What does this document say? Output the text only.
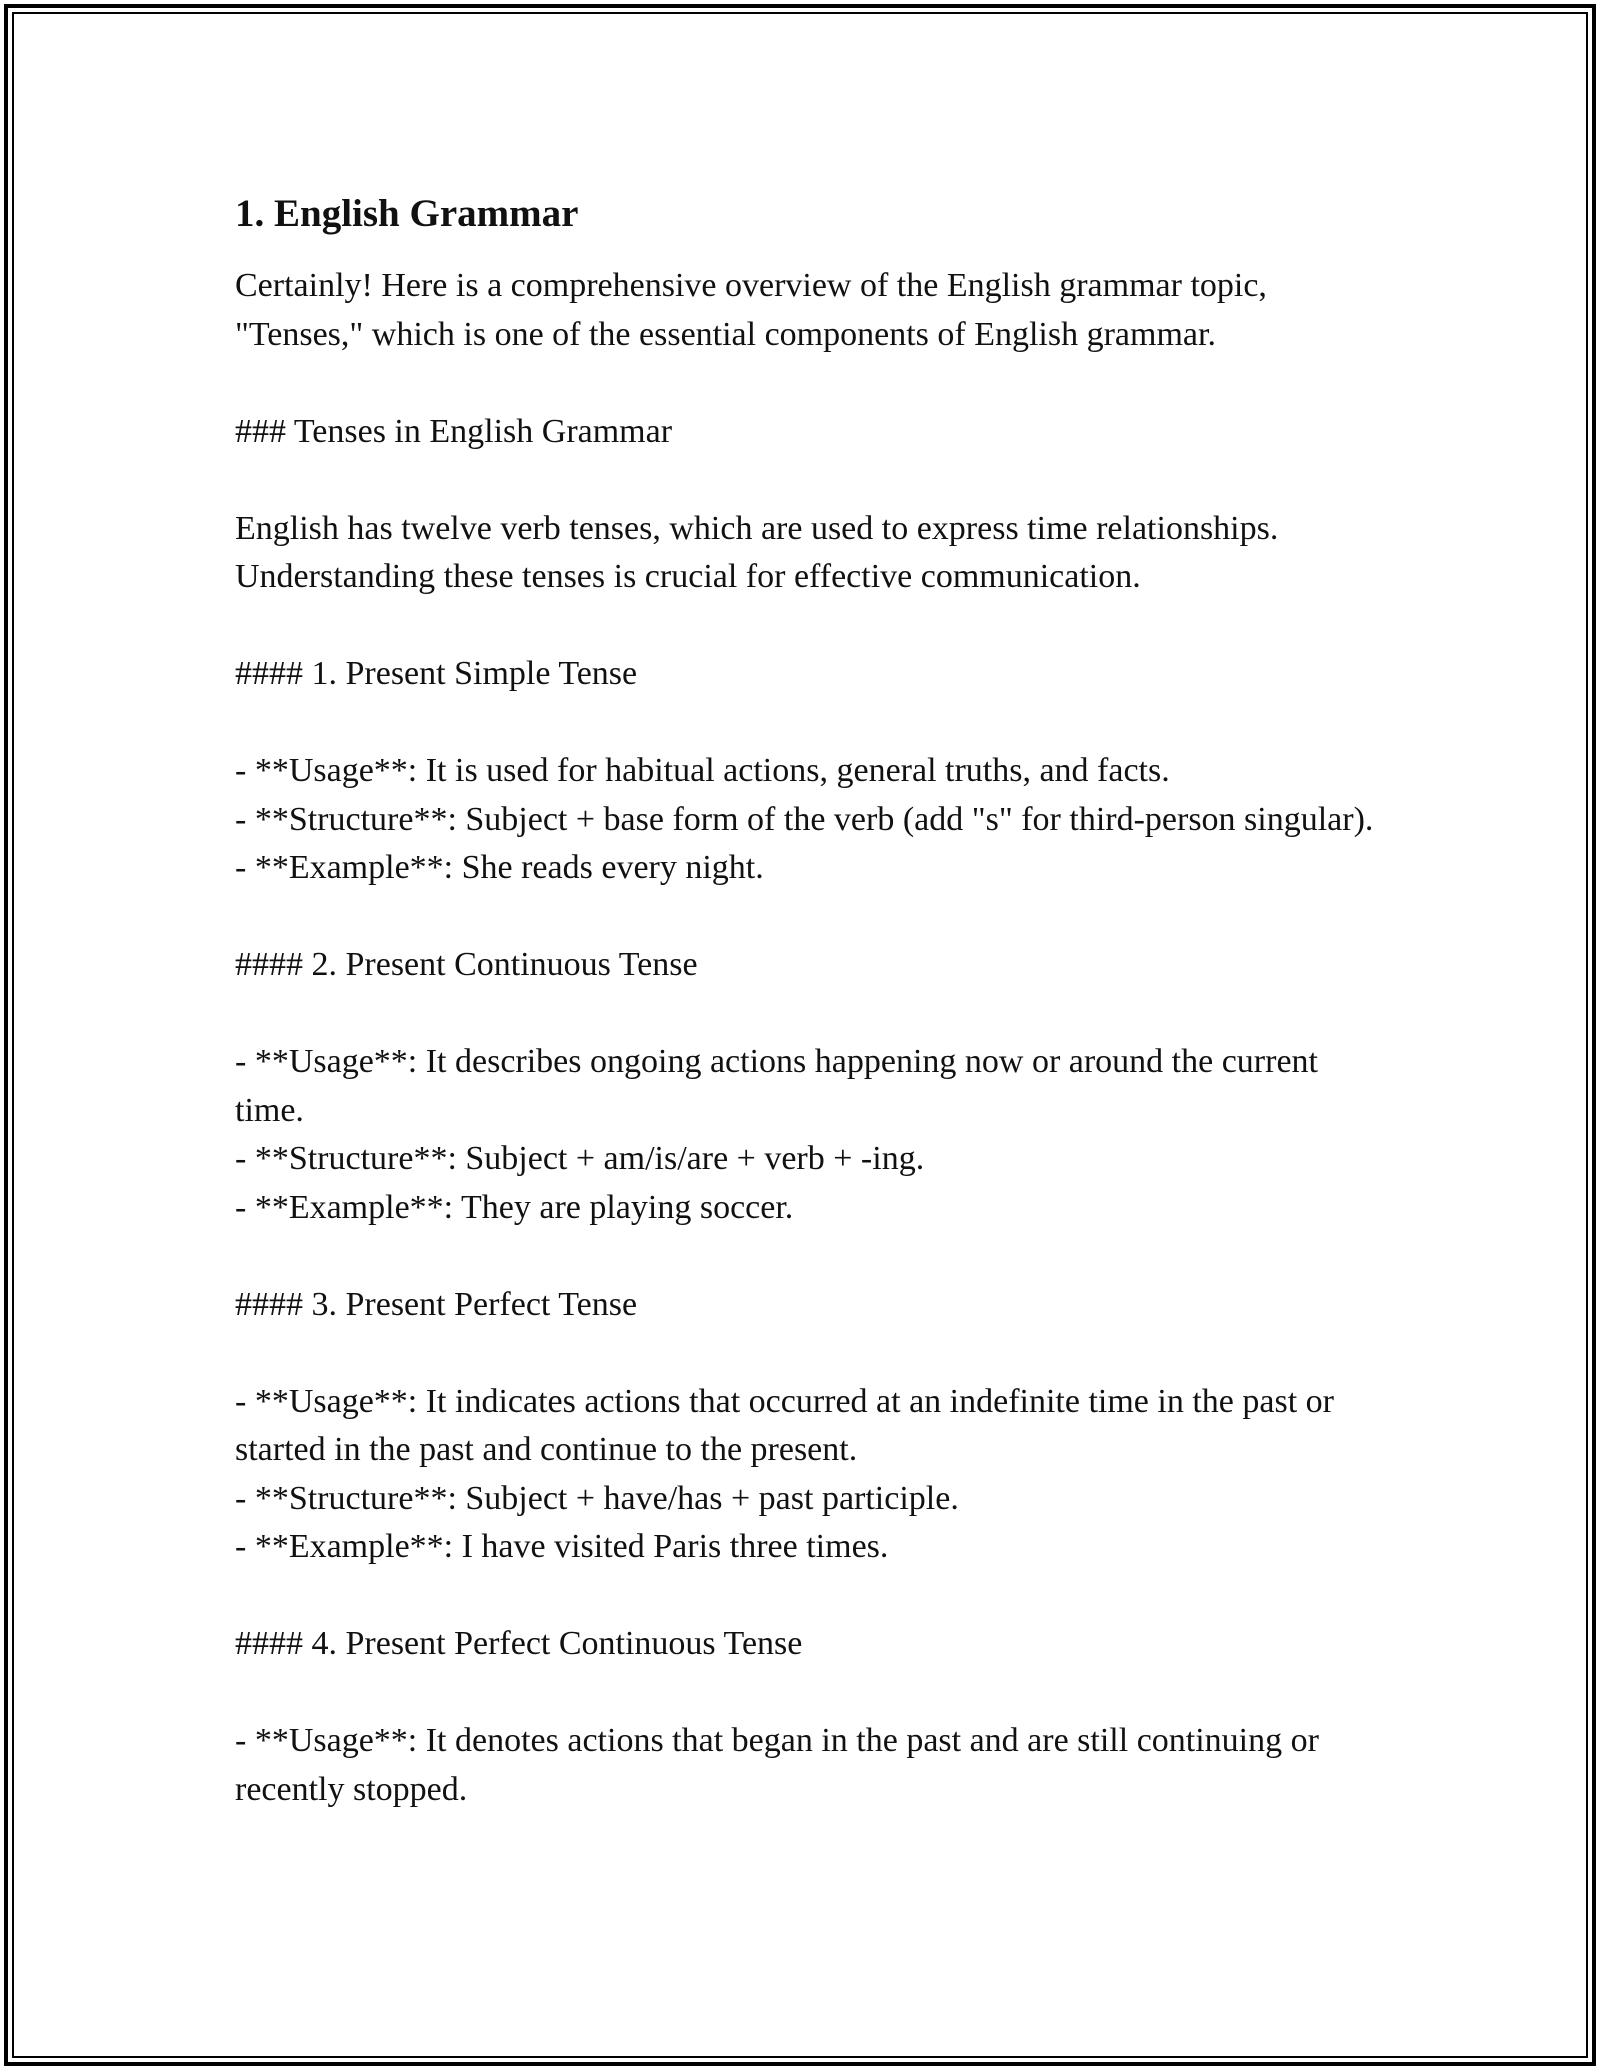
1. English Grammar

Certainly! Here is a comprehensive overview of the English grammar topic, "Tenses," which is one of the essential components of English grammar.

### Tenses in English Grammar

English has twelve verb tenses, which are used to express time relationships. Understanding these tenses is crucial for effective communication.

#### 1. Present Simple Tense

- **Usage**: It is used for habitual actions, general truths, and facts.

- **Structure**: Subject + base form of the verb (add "s" for third-person singular).

- **Example**: She reads every night.

#### 2. Present Continuous Tense

- **Usage**: It describes ongoing actions happening now or around the current time.

- **Structure**: Subject + am/is/are + verb + -ing.

- **Example**: They are playing soccer.

#### 3. Present Perfect Tense

- **Usage**: It indicates actions that occurred at an indefinite time in the past or started in the past and continue to the present.

- **Structure**: Subject + have/has + past participle.

- **Example**: I have visited Paris three times.

#### 4. Present Perfect Continuous Tense

- **Usage**: It denotes actions that began in the past and are still continuing or recently stopped.
